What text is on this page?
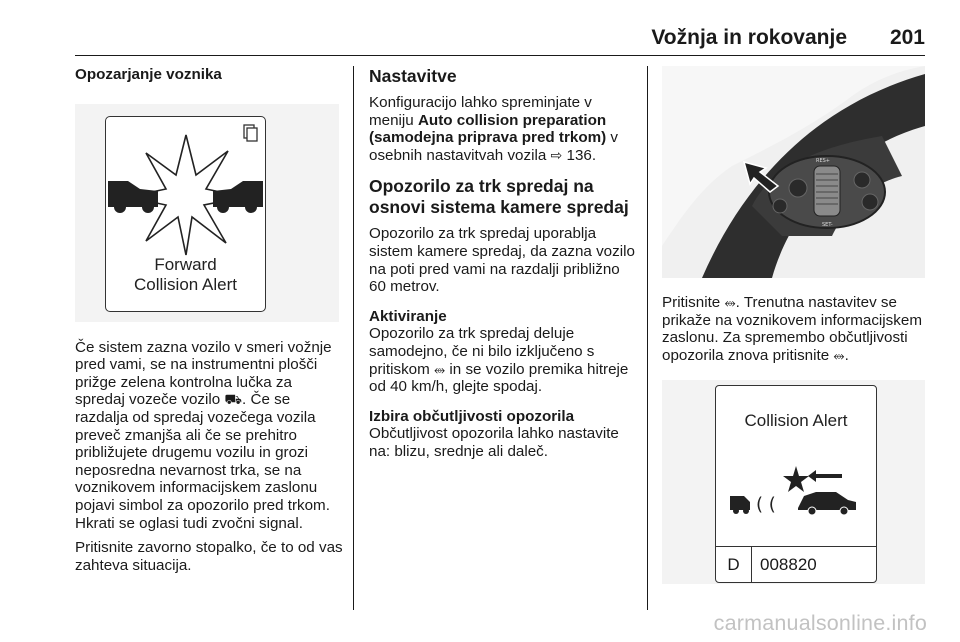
Vožnja in rokovanje 201
Opozarjanje voznika
Forward
Collision Alert

Če sistem zazna vozilo v smeri vožnje pred vami, se na instrumentni plošči prižge zelena kontrolna lučka za spredaj vozeče vozilo ⛟. Če se razdalja od spredaj vozečega vozila preveč zmanjša ali če se prehitro približujete drugemu vozilu in grozi neposredna nevarnost trka, se na voznikovem informacijskem zaslonu pojavi simbol za opozorilo pred trkom. Hkrati se oglasi tudi zvočni signal.

Pritisnite zavorno stopalko, če to od vas zahteva situacija.

Nastavitve

Konfiguracijo lahko spreminjate v meniju Auto collision preparation (samodejna priprava pred trkom) v osebnih nastavitvah vozila ⇨ 136.

Opozorilo za trk spredaj na osnovi sistema kamere spredaj

Opozorilo za trk spredaj uporablja sistem kamere spredaj, da zazna vozilo na poti pred vami na razdalji približno 60 metrov.

Aktiviranje

Opozorilo za trk spredaj deluje samodejno, če ni bilo izključeno s pritiskom ⥈ in se vozilo premika hitreje od 40 km/h, glejte spodaj.

Izbira občutljivosti opozorila

Občutljivost opozorila lahko nastavite na: blizu, srednje ali daleč.

RES+
SET-

Pritisnite ⥈. Trenutna nastavitev se prikaže na voznikovem informacijskem zaslonu. Za spremembo občutljivosti opozorila znova pritisnite ⥈.

Collision Alert
( (
D	008820
carmanualsonline.info
